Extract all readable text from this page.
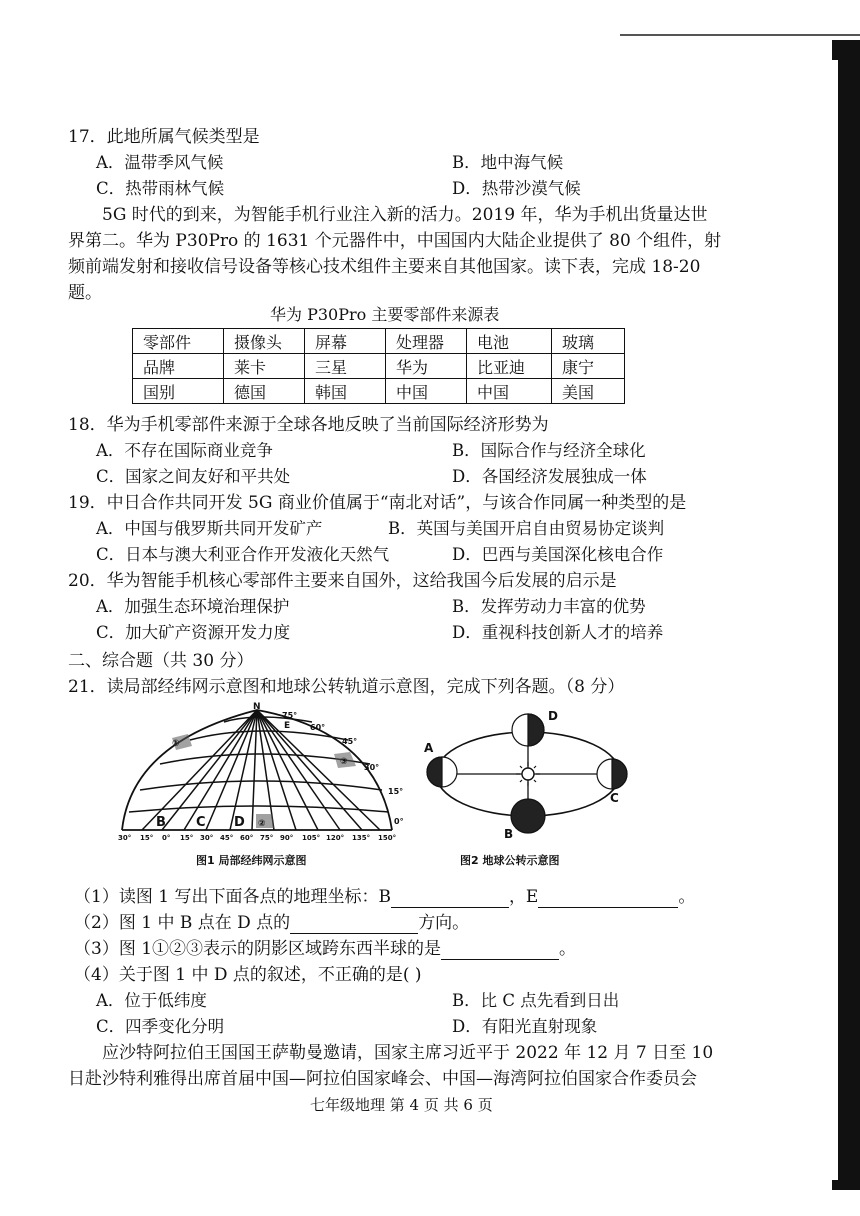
17．此地所属气候类型是
A．温带季风气候	B．地中海气候
C．热带雨林气候	D．热带沙漠气候
5G 时代的到来，为智能手机行业注入新的活力。2019 年，华为手机出货量达世
界第二。华为 P30Pro 的 1631 个元器件中，中国国内大陆企业提供了 80 个组件，射
频前端发射和接收信号设备等核心技术组件主要来自其他国家。读下表，完成 18-20
题。
华为 P30Pro 主要零部件来源表
零部件	摄像头	屏幕	处理器	电池	玻璃
品牌	莱卡	三星	华为	比亚迪	康宁
国别	德国	韩国	中国	中国	美国
18．华为手机零部件来源于全球各地反映了当前国际经济形势为
A．不存在国际商业竞争	B．国际合作与经济全球化
C．国家之间友好和平共处	D．各国经济发展独成一体
19．中日合作共同开发 5G 商业价值属于“南北对话”，与该合作同属一种类型的是
A．中国与俄罗斯共同开发矿产	B．英国与美国开启自由贸易协定谈判
C．日本与澳大利亚合作开发液化天然气	D．巴西与美国深化核电合作
20．华为智能手机核心零部件主要来自国外，这给我国今后发展的启示是
A．加强生态环境治理保护	B．发挥劳动力丰富的优势
C．加大矿产资源开发力度	D．重视科技创新人才的培养
二、综合题（共 30 分）
21．读局部经纬网示意图和地球公转轨道示意图，完成下列各题。（8 分）
N
E
B C D
①
②
③
75°
60°
45°
30°
15°
0°
30° 15° 0° 15° 30° 45° 60° 75° 90° 105° 120° 135° 150°
图1 局部经纬网示意图
A
B
C
D
图2 地球公转示意图
（1）读图 1 写出下面各点的地理坐标：B	，E	。
（2）图 1 中 B 点在 D 点的	方向。
（3）图 1①②③表示的阴影区域跨东西半球的是	。
（4）关于图 1 中 D 点的叙述，不正确的是( )
A．位于低纬度	B．比 C 点先看到日出
C．四季变化分明	D．有阳光直射现象
应沙特阿拉伯王国国王萨勒曼邀请，国家主席习近平于 2022 年 12 月 7 日至 10
日赴沙特利雅得出席首届中国—阿拉伯国家峰会、中国—海湾阿拉伯国家合作委员会
七年级地理 第 4 页 共 6 页
